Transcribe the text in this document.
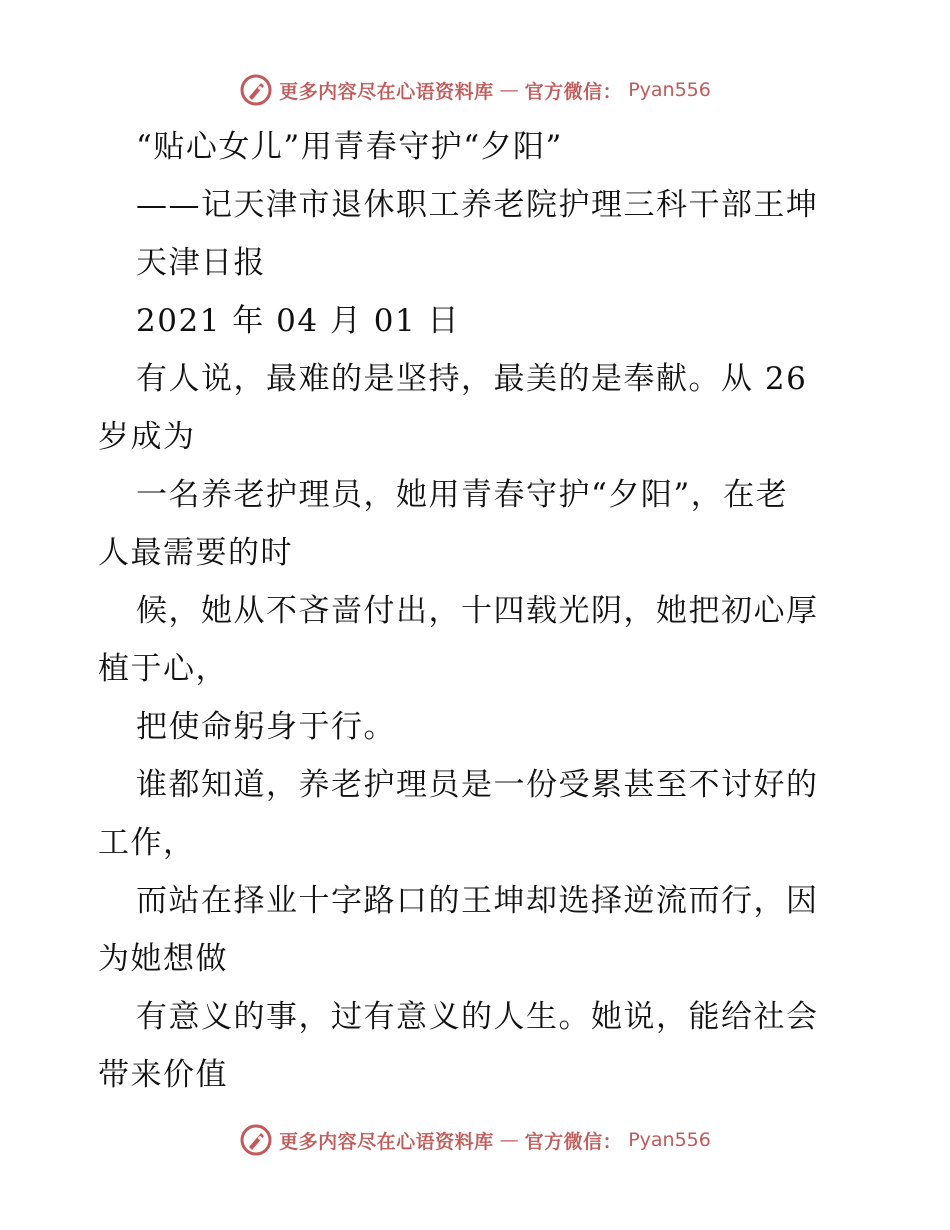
更多内容尽在心语资料库 — 官方微信： Pyan556
“贴心女儿”用青春守护“夕阳”
——记天津市退休职工养老院护理三科干部王坤
天津日报
2021 年 04 月 01 日
有人说，最难的是坚持，最美的是奉献。从 26
岁成为
一名养老护理员，她用青春守护“夕阳”，在老
人最需要的时
候，她从不吝啬付出，十四载光阴，她把初心厚
植于心，
把使命躬身于行。
谁都知道，养老护理员是一份受累甚至不讨好的
工作，
而站在择业十字路口的王坤却选择逆流而行，因
为她想做
有意义的事，过有意义的人生。她说，能给社会
带来价值
更多内容尽在心语资料库 — 官方微信： Pyan556
